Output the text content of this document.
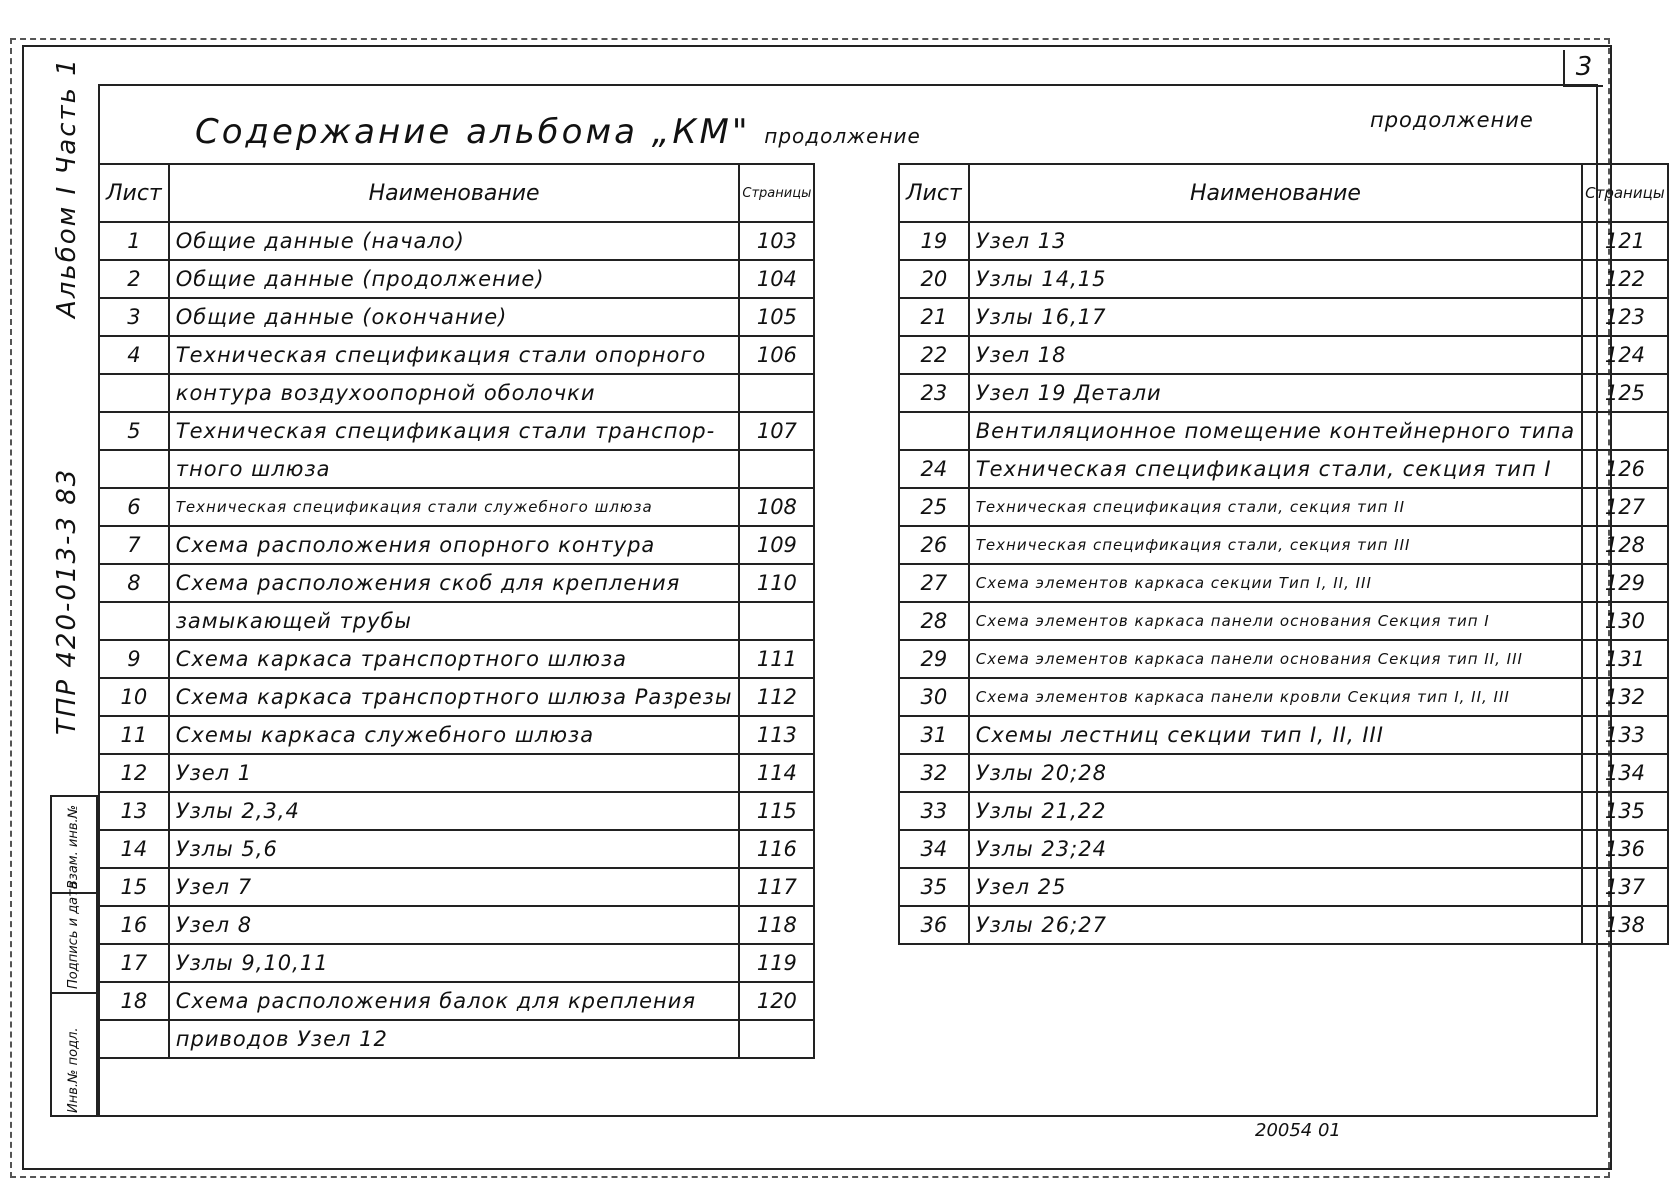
3
Альбом I Часть 1
ТПР 420-013-3 83
Инв.№ подл.
Подпись и дата
Взам. инв.№
Содержание альбома „КМ" продолжение
продолжение
Лист	Наименование	Страницы
1	Общие данные (начало)	103
2	Общие данные (продолжение)	104
3	Общие данные (окончание)	105
4	Техническая спецификация стали опорного	106
	контура воздухоопорной оболочки	
5	Техническая спецификация стали транспор-	107
	тного шлюза	
6	Техническая спецификация стали служебного шлюза	108
7	Схема расположения опорного контура	109
8	Схема расположения скоб для крепления	110
	замыкающей трубы	
9	Схема каркаса транспортного шлюза	111
10	Схема каркаса транспортного шлюза Разрезы	112
11	Схемы каркаса служебного шлюза	113
12	Узел 1	114
13	Узлы 2,3,4	115
14	Узлы 5,6	116
15	Узел 7	117
16	Узел 8	118
17	Узлы 9,10,11	119
18	Схема расположения балок для крепления	120
	приводов Узел 12	
Лист	Наименование	Страницы
19	Узел 13	121
20	Узлы 14,15	122
21	Узлы 16,17	123
22	Узел 18	124
23	Узел 19 Детали	125
	Вентиляционное помещение контейнерного типа	
24	Техническая спецификация стали, секция тип I	126
25	Техническая спецификация стали, секция тип II	127
26	Техническая спецификация стали, секция тип III	128
27	Схема элементов каркаса секции Тип I, II, III	129
28	Схема элементов каркаса панели основания Секция тип I	130
29	Схема элементов каркаса панели основания Секция тип II, III	131
30	Схема элементов каркаса панели кровли Секция тип I, II, III	132
31	Схемы лестниц секции тип I, II, III	133
32	Узлы 20;28	134
33	Узлы 21,22	135
34	Узлы 23;24	136
35	Узел 25	137
36	Узлы 26;27	138
20054 01
